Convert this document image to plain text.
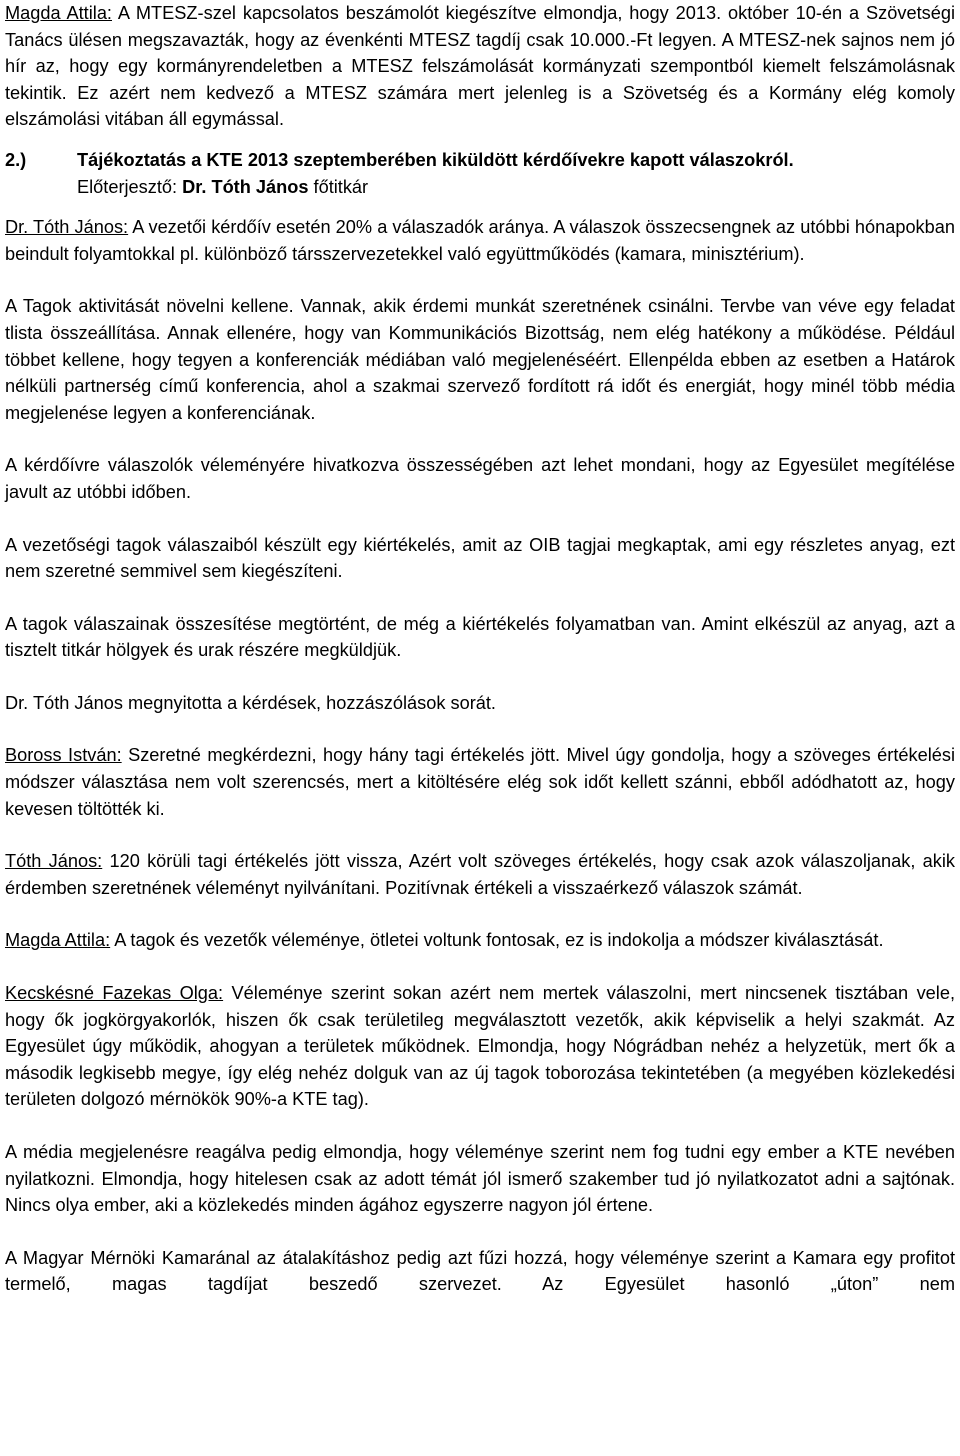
Magda Attila: A MTESZ-szel kapcsolatos beszámolót kiegészítve elmondja, hogy 2013. október 10-én a Szövetségi Tanács ülésen megszavazták, hogy az évenkénti MTESZ tagdíj csak 10.000.-Ft legyen. A MTESZ-nek sajnos nem jó hír az, hogy egy kormányrendeletben a MTESZ felszámolását kormányzati szempontból kiemelt felszámolásnak tekintik. Ez azért nem kedvező a MTESZ számára mert jelenleg is a Szövetség és a Kormány elég komoly elszámolási vitában áll egymással.

2.)	Tájékoztatás a KTE 2013 szeptemberében kiküldött kérdőívekre kapott válaszokról.

Előterjesztő: Dr. Tóth János főtitkár

Dr. Tóth János: A vezetői kérdőív esetén 20% a válaszadók aránya. A válaszok összecsengnek az utóbbi hónapokban beindult folyamtokkal pl. különböző társszervezetekkel való együttműködés (kamara, minisztérium).

A Tagok aktivitását növelni kellene. Vannak, akik érdemi munkát szeretnének csinálni. Tervbe van véve egy feladat tlista összeállítása. Annak ellenére, hogy van Kommunikációs Bizottság, nem elég hatékony a működése. Például többet kellene, hogy tegyen a konferenciák médiában való megjelenéséért. Ellenpélda ebben az esetben a Határok nélküli partnerség című konferencia, ahol a szakmai szervező fordított rá időt és energiát, hogy minél több média megjelenése legyen a konferenciának.

A kérdőívre válaszolók véleményére hivatkozva összességében azt lehet mondani, hogy az Egyesület megítélése javult az utóbbi időben.

A vezetőségi tagok válaszaiból készült egy kiértékelés, amit az OIB tagjai megkaptak, ami egy részletes anyag, ezt nem szeretné semmivel sem kiegészíteni.

A tagok válaszainak összesítése megtörtént, de még a kiértékelés folyamatban van. Amint elkészül az anyag, azt a tisztelt titkár hölgyek és urak részére megküldjük.

Dr. Tóth János megnyitotta a kérdések, hozzászólások sorát.

Boross István: Szeretné megkérdezni, hogy hány tagi értékelés jött. Mivel úgy gondolja, hogy a szöveges értékelési módszer választása nem volt szerencsés, mert a kitöltésére elég sok időt kellett szánni, ebből adódhatott az, hogy kevesen töltötték ki.

Tóth János: 120 körüli tagi értékelés jött vissza, Azért volt szöveges értékelés, hogy csak azok válaszoljanak, akik érdemben szeretnének véleményt nyilvánítani. Pozitívnak értékeli a visszaérkező válaszok számát.

Magda Attila: A tagok és vezetők véleménye, ötletei voltunk fontosak, ez is indokolja a módszer kiválasztását.

Kecskésné Fazekas Olga: Véleménye szerint sokan azért nem mertek válaszolni, mert nincsenek tisztában vele, hogy ők jogkörgyakorlók, hiszen ők csak területileg megválasztott vezetők, akik képviselik a helyi szakmát. Az Egyesület úgy működik, ahogyan a területek működnek. Elmondja, hogy Nógrádban nehéz a helyzetük, mert ők a második legkisebb megye, így elég nehéz dolguk van az új tagok toborozása tekintetében (a megyében közlekedési területen dolgozó mérnökök 90%-a KTE tag).

A média megjelenésre reagálva pedig elmondja, hogy véleménye szerint nem fog tudni egy ember a KTE nevében nyilatkozni. Elmondja, hogy hitelesen csak az adott témát jól ismerő szakember tud jó nyilatkozatot adni a sajtónak. Nincs olya ember, aki a közlekedés minden ágához egyszerre nagyon jól értene.

A Magyar Mérnöki Kamaránal az átalakításhoz pedig azt fűzi hozzá, hogy véleménye szerint a Kamara egy profitot termelő, magas tagdíjat beszedő szervezet. Az Egyesület hasonló „úton” nem
